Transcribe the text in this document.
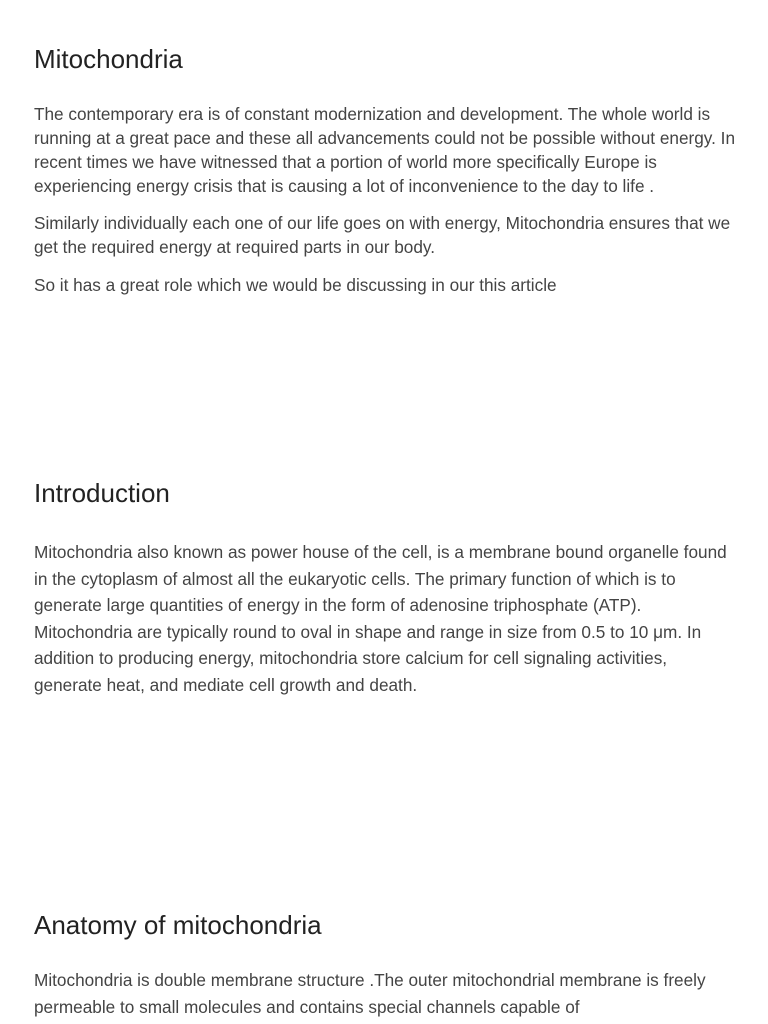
Mitochondria

The contemporary era is of constant modernization and development. The whole world is running at a great pace and these all advancements could not be possible without energy. In recent times we have witnessed that a portion of world more specifically Europe is experiencing energy crisis that is causing a lot of inconvenience to the day to life .

Similarly individually each one of our life goes on with energy, Mitochondria ensures that we get the required energy at required parts in our body.

So it has a great role which we would be discussing in our this article

Introduction

Mitochondria also known as power house of the cell, is a membrane bound organelle found in the cytoplasm of almost all the eukaryotic cells. The primary function of which is to generate large quantities of energy in the form of adenosine triphosphate (ATP). Mitochondria are typically round to oval in shape and range in size from 0.5 to 10 μm. In addition to producing energy, mitochondria store calcium for cell signaling activities, generate heat, and mediate cell growth and death.

Anatomy of mitochondria

Mitochondria is double membrane structure .The outer mitochondrial membrane is freely permeable to small molecules and contains special channels capable of
